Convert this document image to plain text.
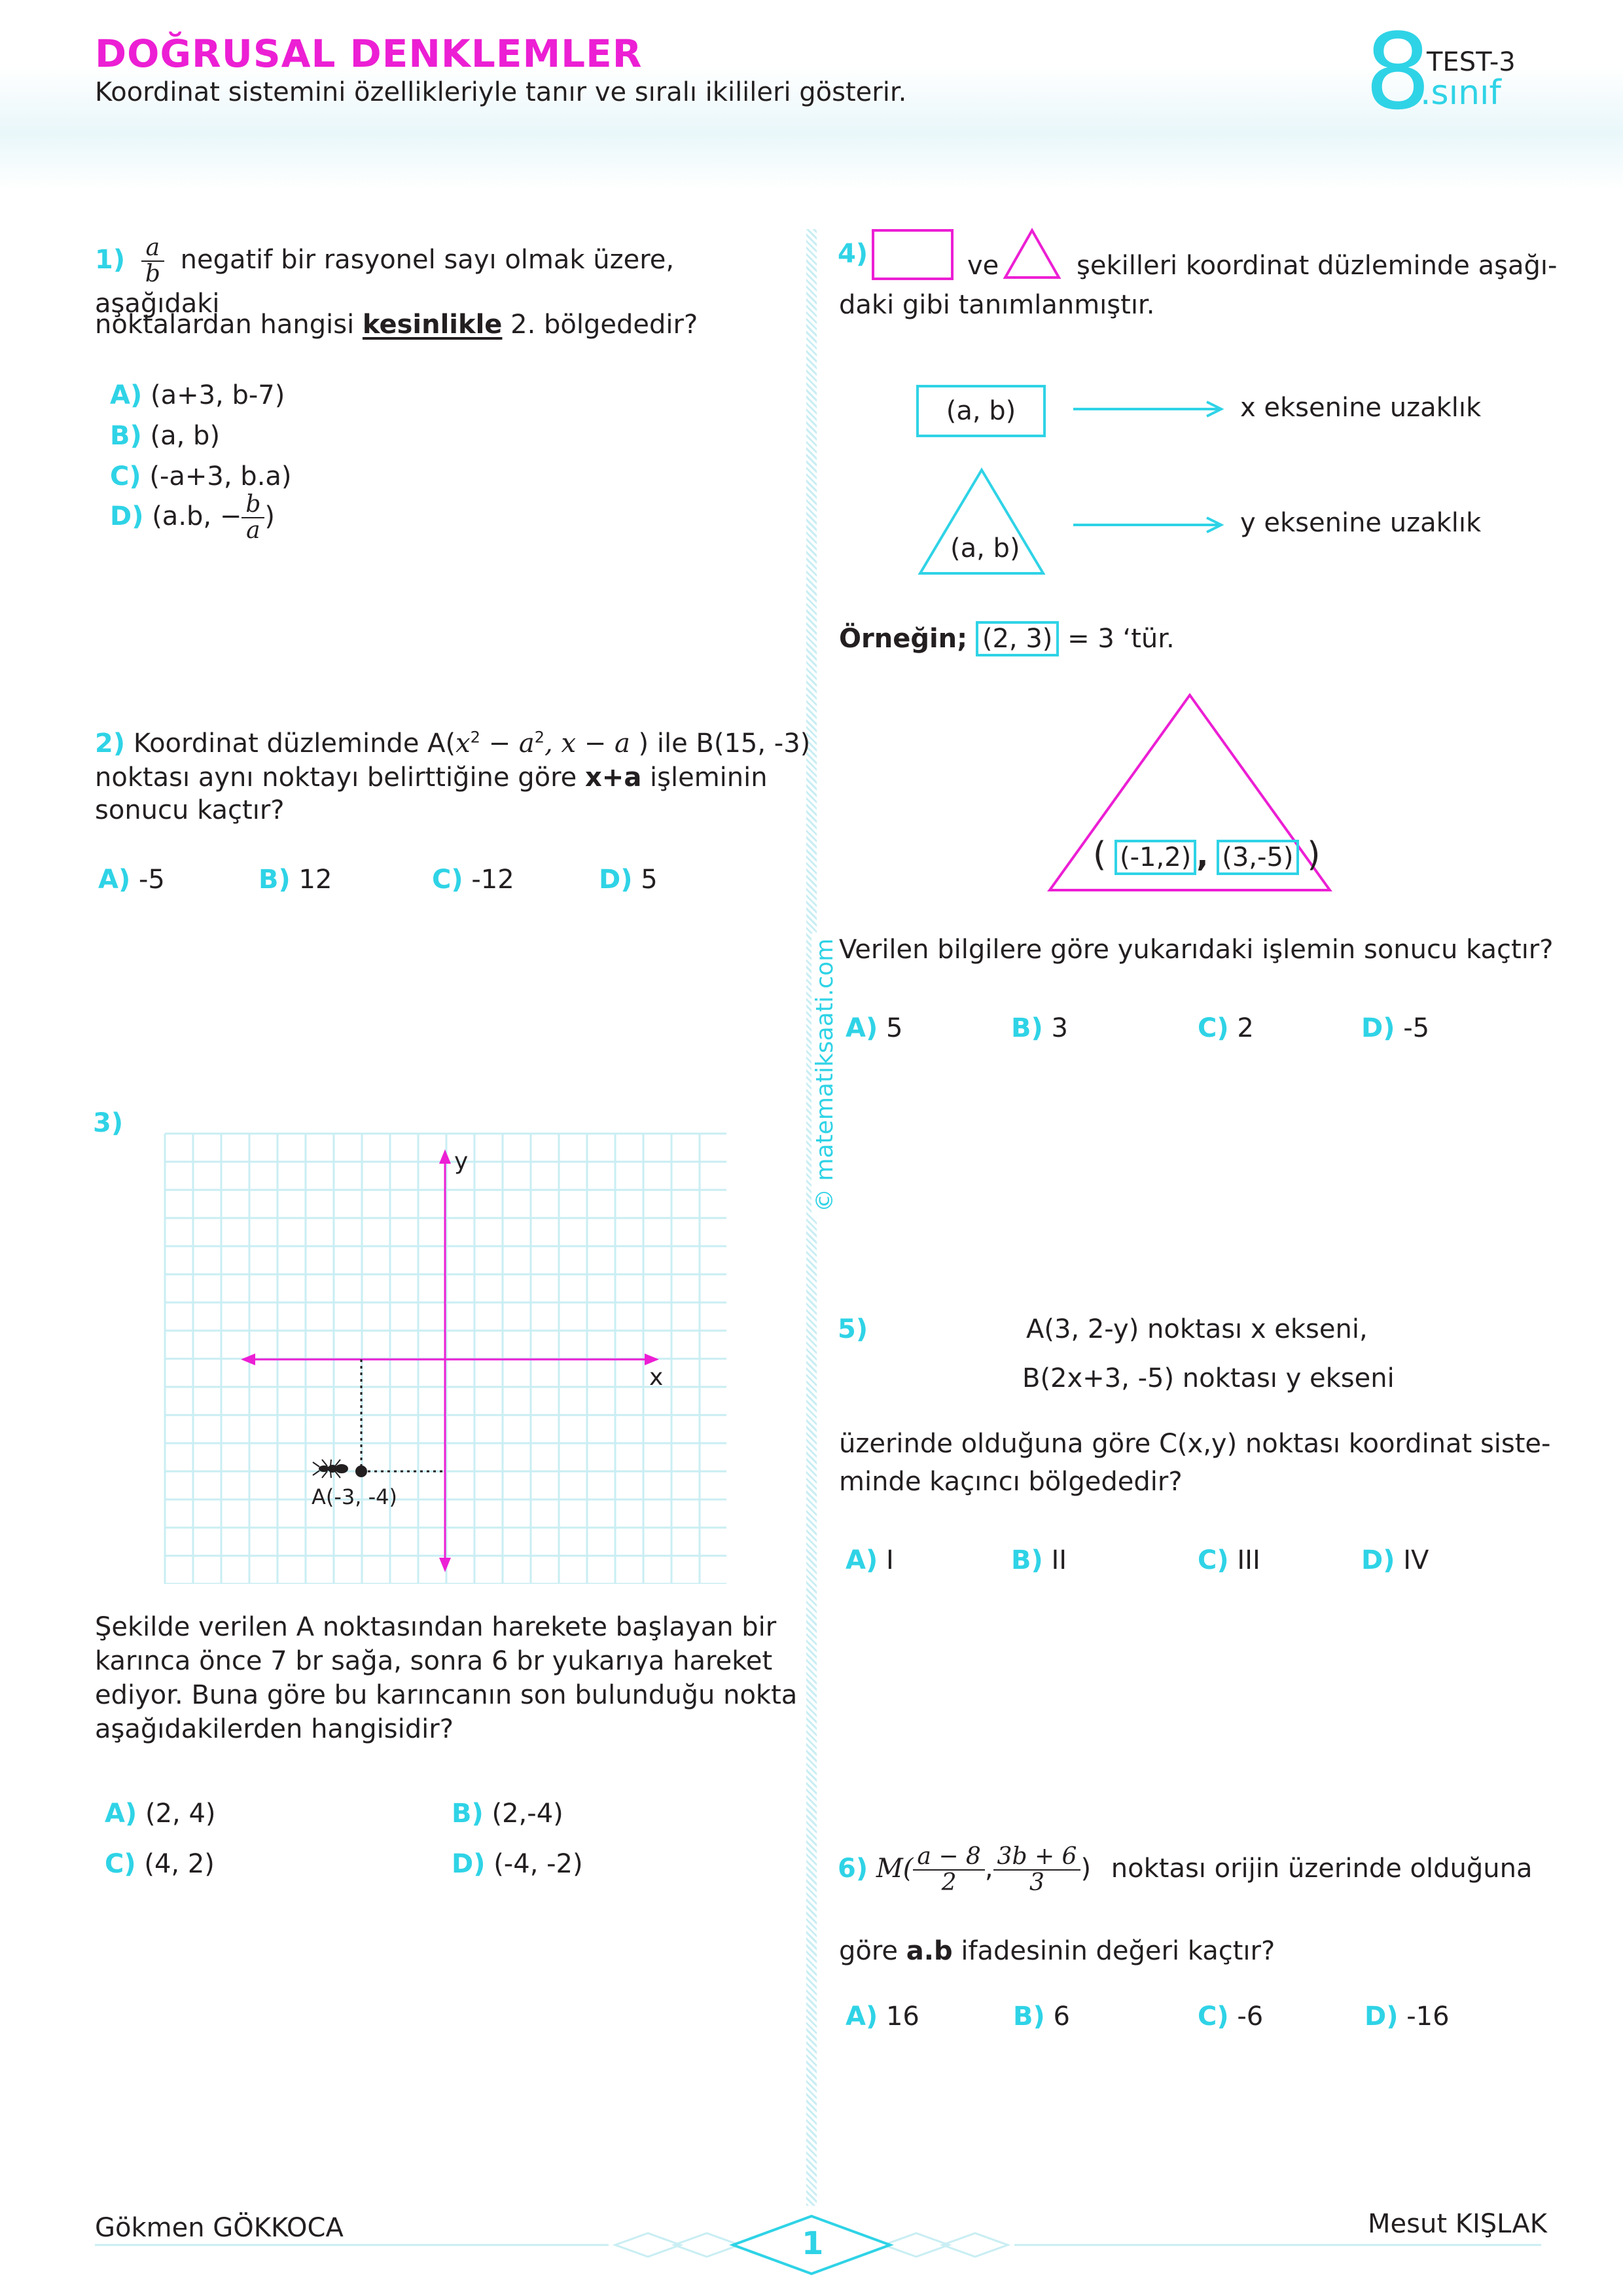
DOĞRUSAL DENKLEMLER
Koordinat sistemini özellikleriyle tanır ve sıralı ikilileri gösterir.	8
TEST-3
.sınıf
© matematiksaati.com
$1) \frac{a}{b}$ negatif bir rasyonel sayı olmak üzere, aşağıdaki
noktalardan hangisi kesinlikle 2. bölgededir?
A) (a+3, b-7)
B) (a, b)
C) (-a+3, b.a)
D) (a.b, − $\frac{b}{a}$ )
2) Koordinat düzleminde $A(x^2 - a^2$, x − a ) ile B(15, -3)
noktası aynı noktayı belirttiğine göre x+a işleminin
sonucu kaçtır?
A) -5	B) 12	C) -12	D) 5
3)
y
x
A(-3, -4)
Şekilde verilen A noktasından harekete başlayan bir
karınca önce 7 br sağa, sonra 6 br yukarıya hareket
ediyor. Buna göre bu karıncanın son bulunduğu nokta
aşağıdakilerden hangisidir?
A) (2, 4)	B) (2,-4)
C) (4, 2)	D) (-4, -2)
4)	ve	şekilleri koordinat düzleminde aşağı-
daki gibi tanımlanmıştır.
(a, b)	x eksenine uzaklık
(a, b)
y eksenine uzaklık
Örneğin; (2, 3) = 3 ‘tür.
( (-1,2) , (3,-5) )
Verilen bilgilere göre yukarıdaki işlemin sonucu kaçtır?
A) 5	B) 3	C) 2	D) -5
5)	A(3, 2-y) noktası x ekseni,
B(2x+3, -5) noktası y ekseni
üzerinde olduğuna göre C(x,y) noktası koordinat siste-
minde kaçıncı bölgededir?
A) I	B) II	C) III	D) IV
6) $M( \frac{a - 8}{2}$ , $\frac{3b + 6}{3}$ ) noktası orijin üzerinde olduğuna
göre a.b ifadesinin değeri kaçtır?
A) 16	B) 6	C) -6	D) -16
1
Gökmen GÖKKOCA	Mesut KIŞLAK
